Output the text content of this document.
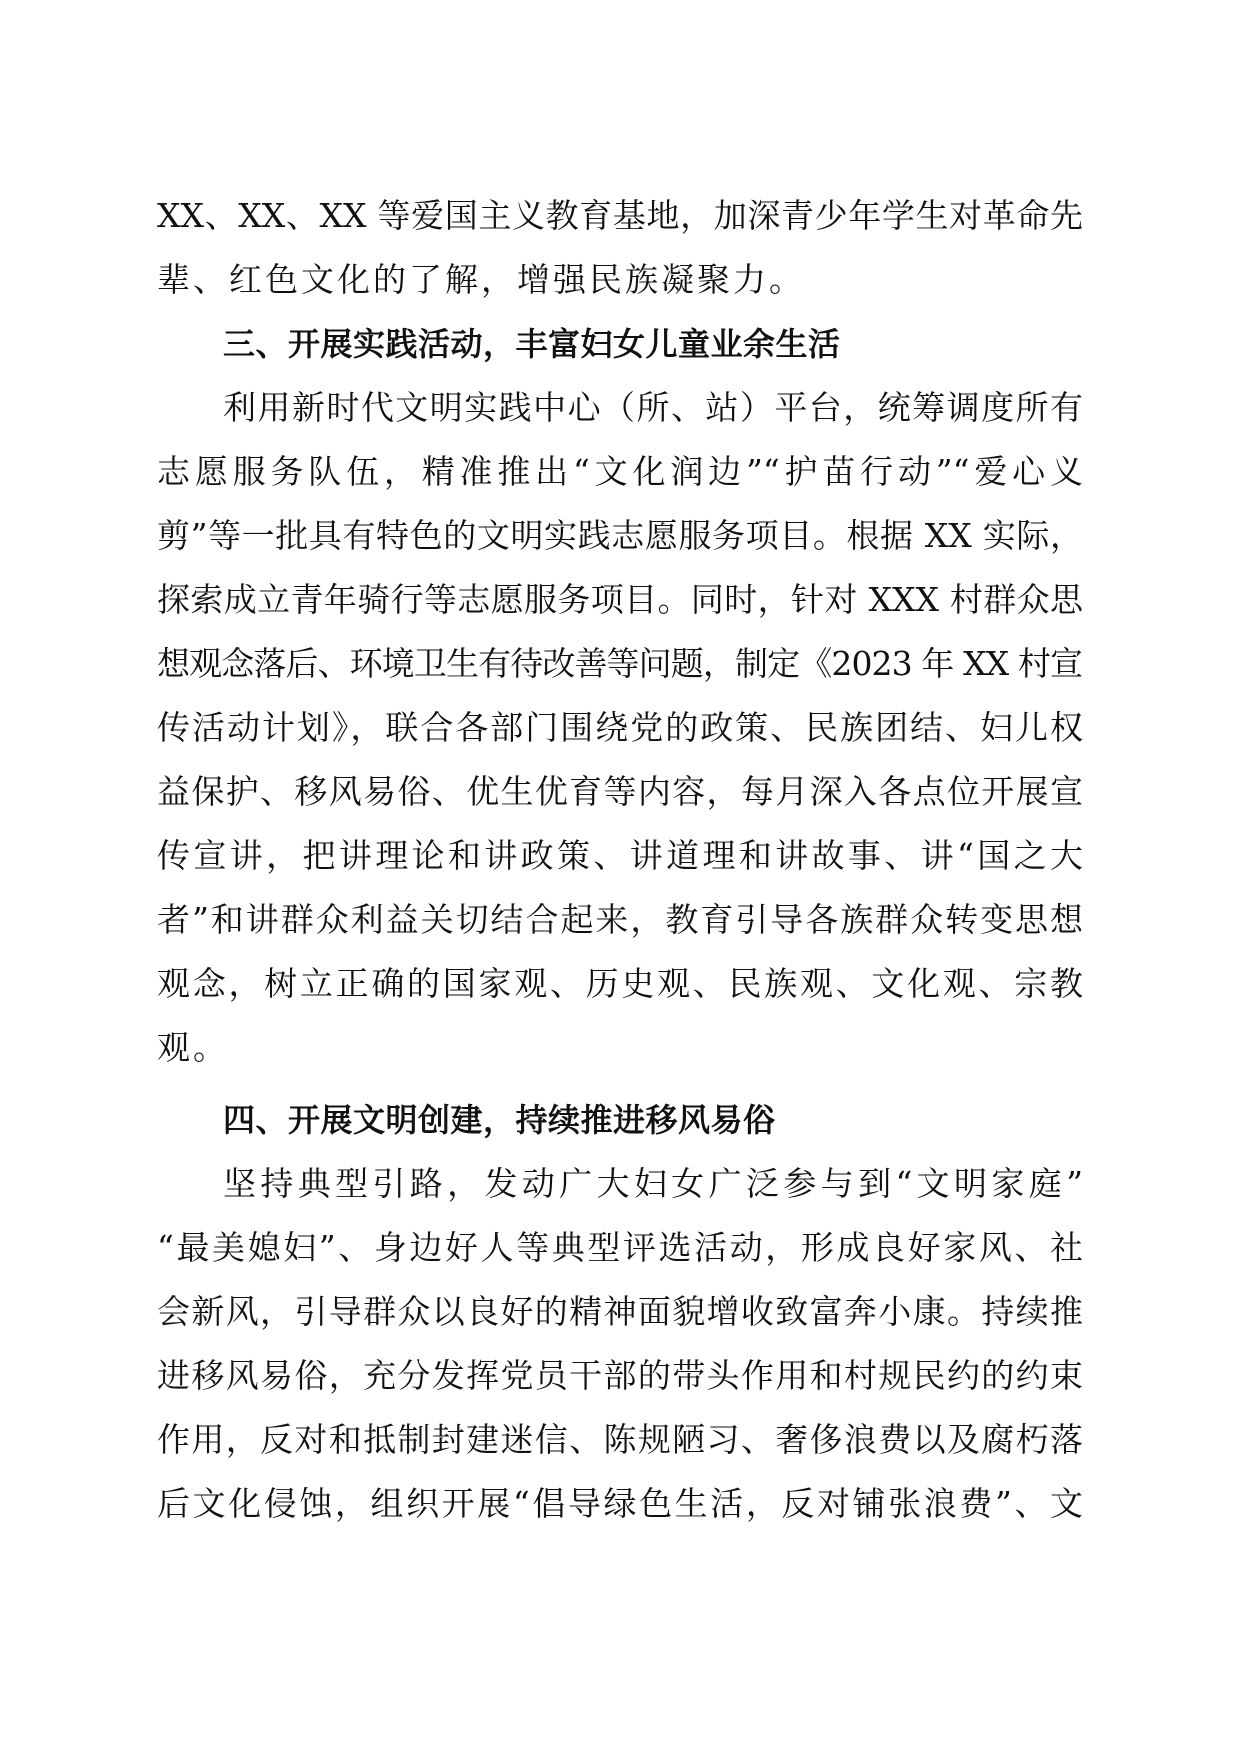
XX、XX、XX 等爱国主义教育基地，加深青少年学生对革命先
辈、红色文化的了解，增强民族凝聚力。
三、开展实践活动，丰富妇女儿童业余生活
利用新时代文明实践中心（所、站）平台，统筹调度所有
志愿服务队伍，精准推出“文化润边”“护苗行动”“爱心义
剪”等一批具有特色的文明实践志愿服务项目。根据 XX 实际，
探索成立青年骑行等志愿服务项目。同时，针对 XXX 村群众思
想观念落后、环境卫生有待改善等问题，制定《2023 年 XX 村宣
传活动计划》，联合各部门围绕党的政策、民族团结、妇儿权
益保护、移风易俗、优生优育等内容，每月深入各点位开展宣
传宣讲，把讲理论和讲政策、讲道理和讲故事、讲“国之大
者”和讲群众利益关切结合起来，教育引导各族群众转变思想
观念，树立正确的国家观、历史观、民族观、文化观、宗教
观。
四、开展文明创建，持续推进移风易俗
坚持典型引路，发动广大妇女广泛参与到“文明家庭”
“最美媳妇”、身边好人等典型评选活动，形成良好家风、社
会新风，引导群众以良好的精神面貌增收致富奔小康。持续推
进移风易俗，充分发挥党员干部的带头作用和村规民约的约束
作用，反对和抵制封建迷信、陈规陋习、奢侈浪费以及腐朽落
后文化侵蚀，组织开展“倡导绿色生活，反对铺张浪费”、文
